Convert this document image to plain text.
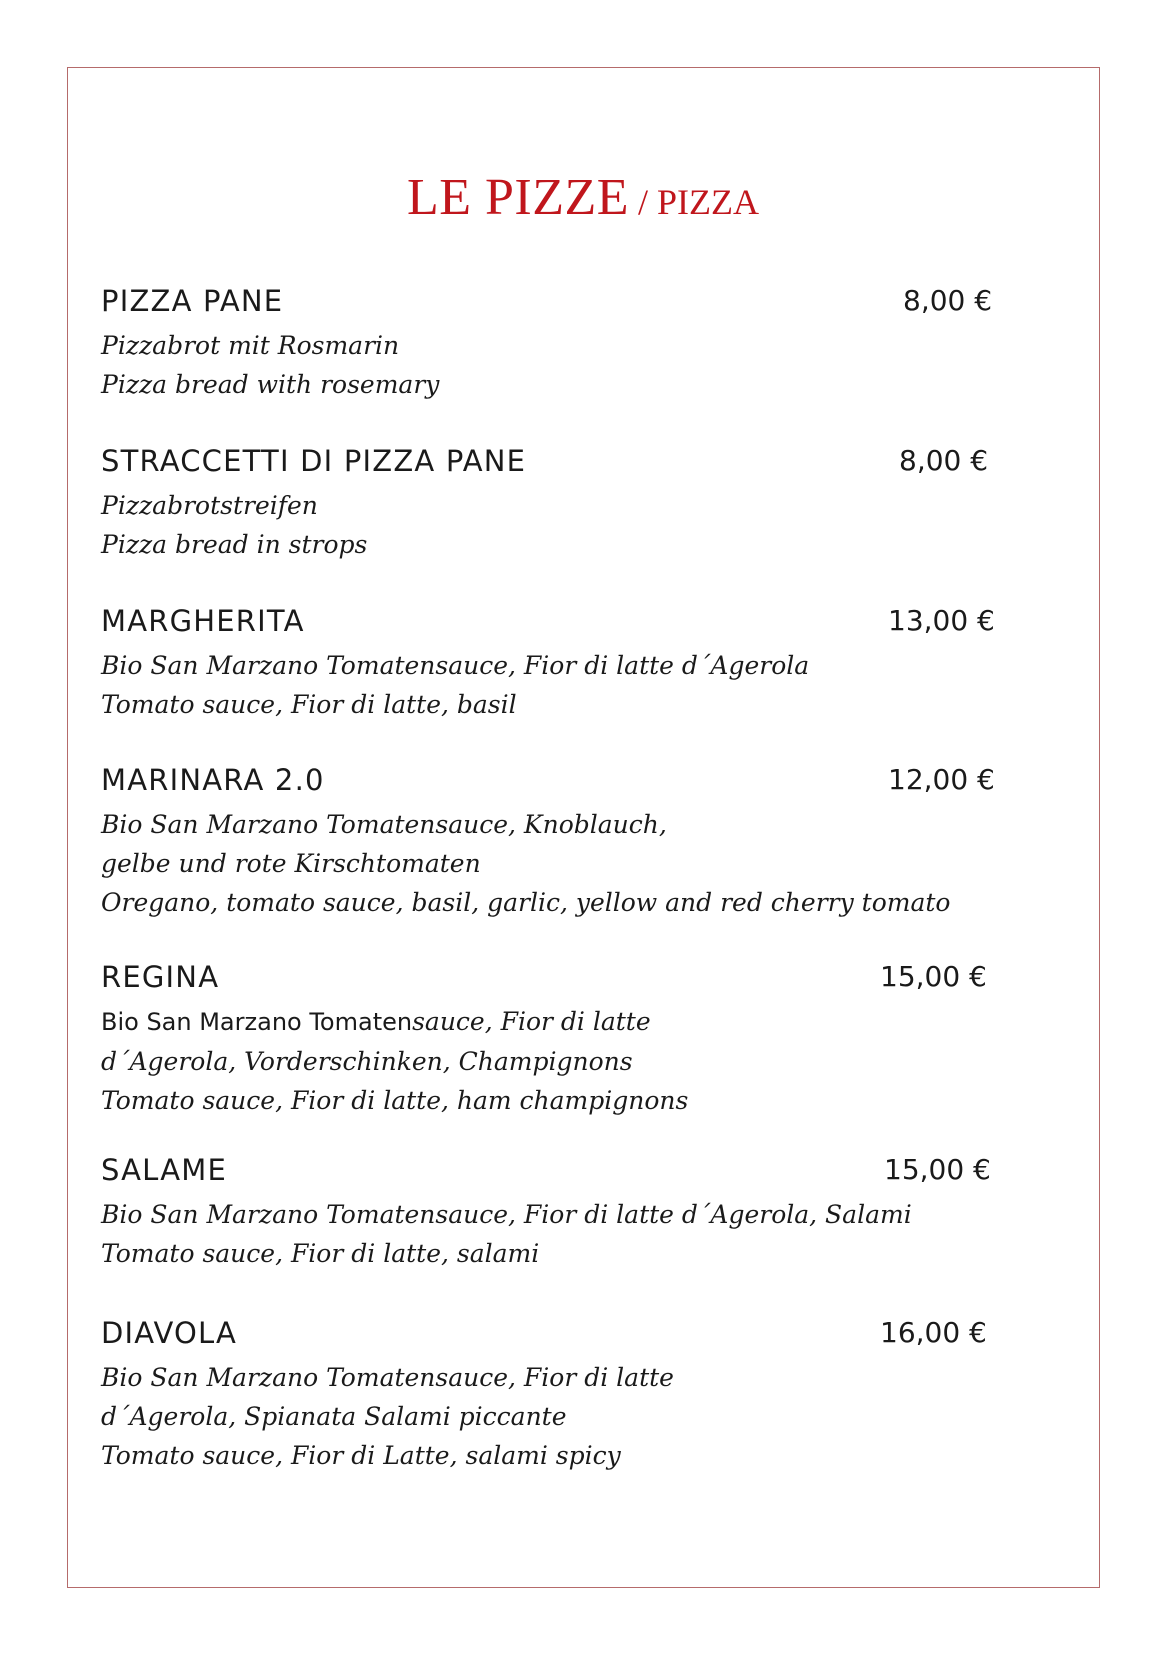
LE PIZZE / PIZZA
PIZZA PANE	8,00 €

Pizzabrot mit Rosmarin

Pizza bread with rosemary

STRACCETTI DI PIZZA PANE	8,00 €

Pizzabrotstreifen

Pizza bread in strops

MARGHERITA	13,00 €

Bio San Marzano Tomatensauce, Fior di latte d´Agerola

Tomato sauce, Fior di latte, basil

MARINARA 2.0	12,00 €

Bio San Marzano Tomatensauce, Knoblauch,

gelbe und rote Kirschtomaten

Oregano, tomato sauce, basil, garlic, yellow and red cherry tomato

REGINA	15,00 €

Bio San Marzano Tomatensauce, Fior di latte

d´Agerola, Vorderschinken, Champignons

Tomato sauce, Fior di latte, ham champignons

SALAME	15,00 €

Bio San Marzano Tomatensauce, Fior di latte d´Agerola, Salami

Tomato sauce, Fior di latte, salami

DIAVOLA	16,00 €

Bio San Marzano Tomatensauce, Fior di latte

d´Agerola, Spianata Salami piccante

Tomato sauce, Fior di Latte, salami spicy
